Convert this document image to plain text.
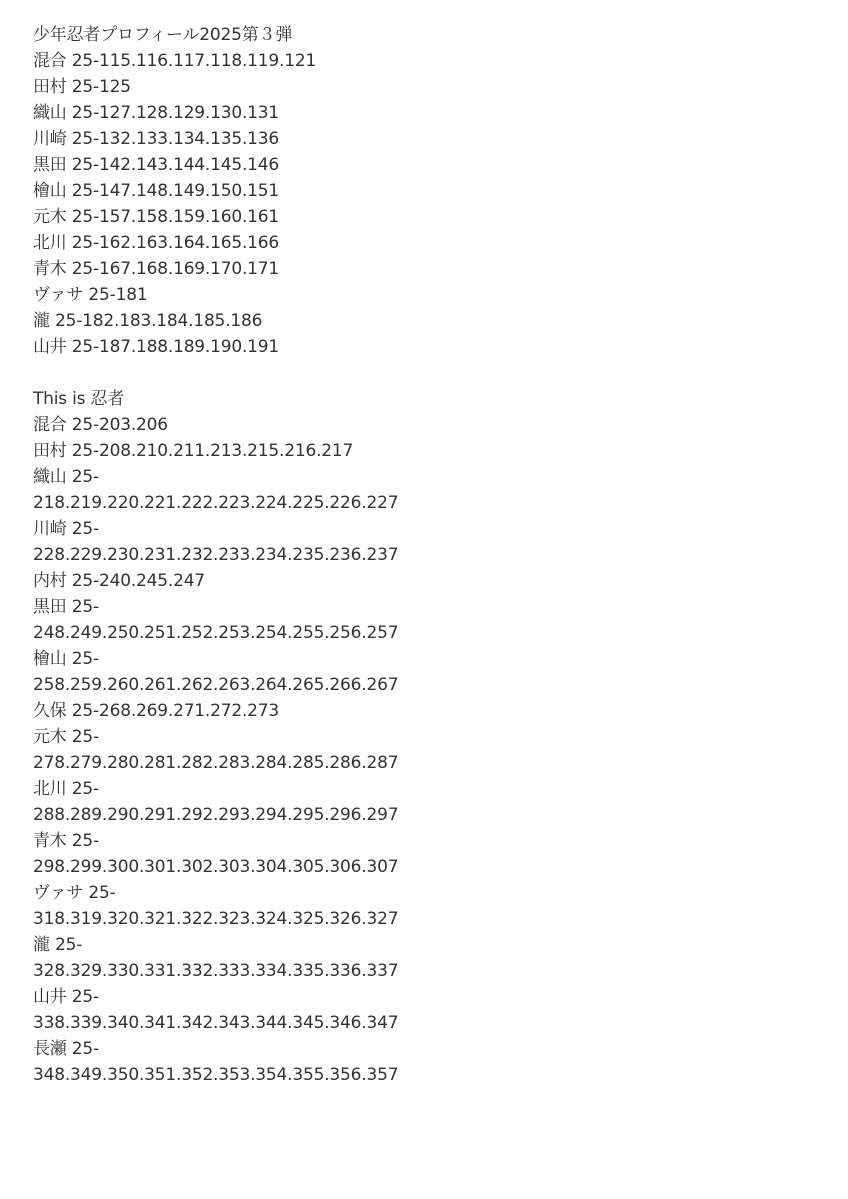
少年忍者プロフィール2025第３弾
混合 25-115.116.117.118.119.121
田村 25-125
織山 25-127.128.129.130.131
川崎 25-132.133.134.135.136
黒田 25-142.143.144.145.146
檜山 25-147.148.149.150.151
元木 25-157.158.159.160.161
北川 25-162.163.164.165.166
青木 25-167.168.169.170.171
ヴァサ 25-181
瀧 25-182.183.184.185.186
山井 25-187.188.189.190.191
This is 忍者
混合 25-203.206
田村 25-208.210.211.213.215.216.217
織山 25-
218.219.220.221.222.223.224.225.226.227
川崎 25-
228.229.230.231.232.233.234.235.236.237
内村 25-240.245.247
黒田 25-
248.249.250.251.252.253.254.255.256.257
檜山 25-
258.259.260.261.262.263.264.265.266.267
久保 25-268.269.271.272.273
元木 25-
278.279.280.281.282.283.284.285.286.287
北川 25-
288.289.290.291.292.293.294.295.296.297
青木 25-
298.299.300.301.302.303.304.305.306.307
ヴァサ 25-
318.319.320.321.322.323.324.325.326.327
瀧 25-
328.329.330.331.332.333.334.335.336.337
山井 25-
338.339.340.341.342.343.344.345.346.347
長瀬 25-
348.349.350.351.352.353.354.355.356.357
